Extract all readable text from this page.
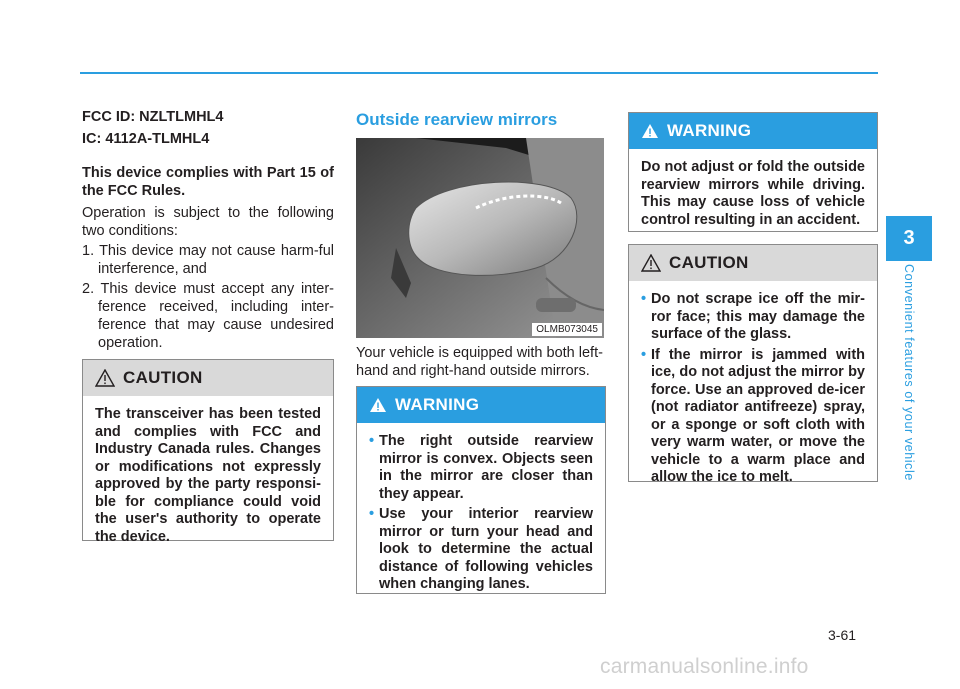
FCC ID: NZLTLMHL4

IC: 4112A-TLMHL4

This device complies with Part 15 of the FCC Rules.

Operation is subject to the following two conditions:

1. This device may not cause harm-ful interference, and
2. This device must accept any inter-ference received, including inter-ference that may cause undesired operation.
CAUTION
The transceiver has been tested and complies with FCC and Industry Canada rules. Changes or modifications not expressly approved by the party responsi-ble for compliance could void the user's authority to operate the device.
Outside rearview mirrors
OLMB073045
Your vehicle is equipped with both left-hand and right-hand outside mirrors.
WARNING
• The right outside rearview mirror is convex. Objects seen in the mirror are closer than they appear.
• Use your interior rearview mirror or turn your head and look to determine the actual distance of following vehicles when changing lanes.
WARNING
Do not adjust or fold the outside rearview mirrors while driving. This may cause loss of vehicle control resulting in an accident.
CAUTION
• Do not scrape ice off the mir-ror face; this may damage the surface of the glass.
• If the mirror is jammed with ice, do not adjust the mirror by force. Use an approved de-icer (not radiator antifreeze) spray, or a sponge or soft cloth with very warm water, or move the vehicle to a warm place and allow the ice to melt.
3
Convenient features of your vehicle
3-61
carmanualsonline.info
